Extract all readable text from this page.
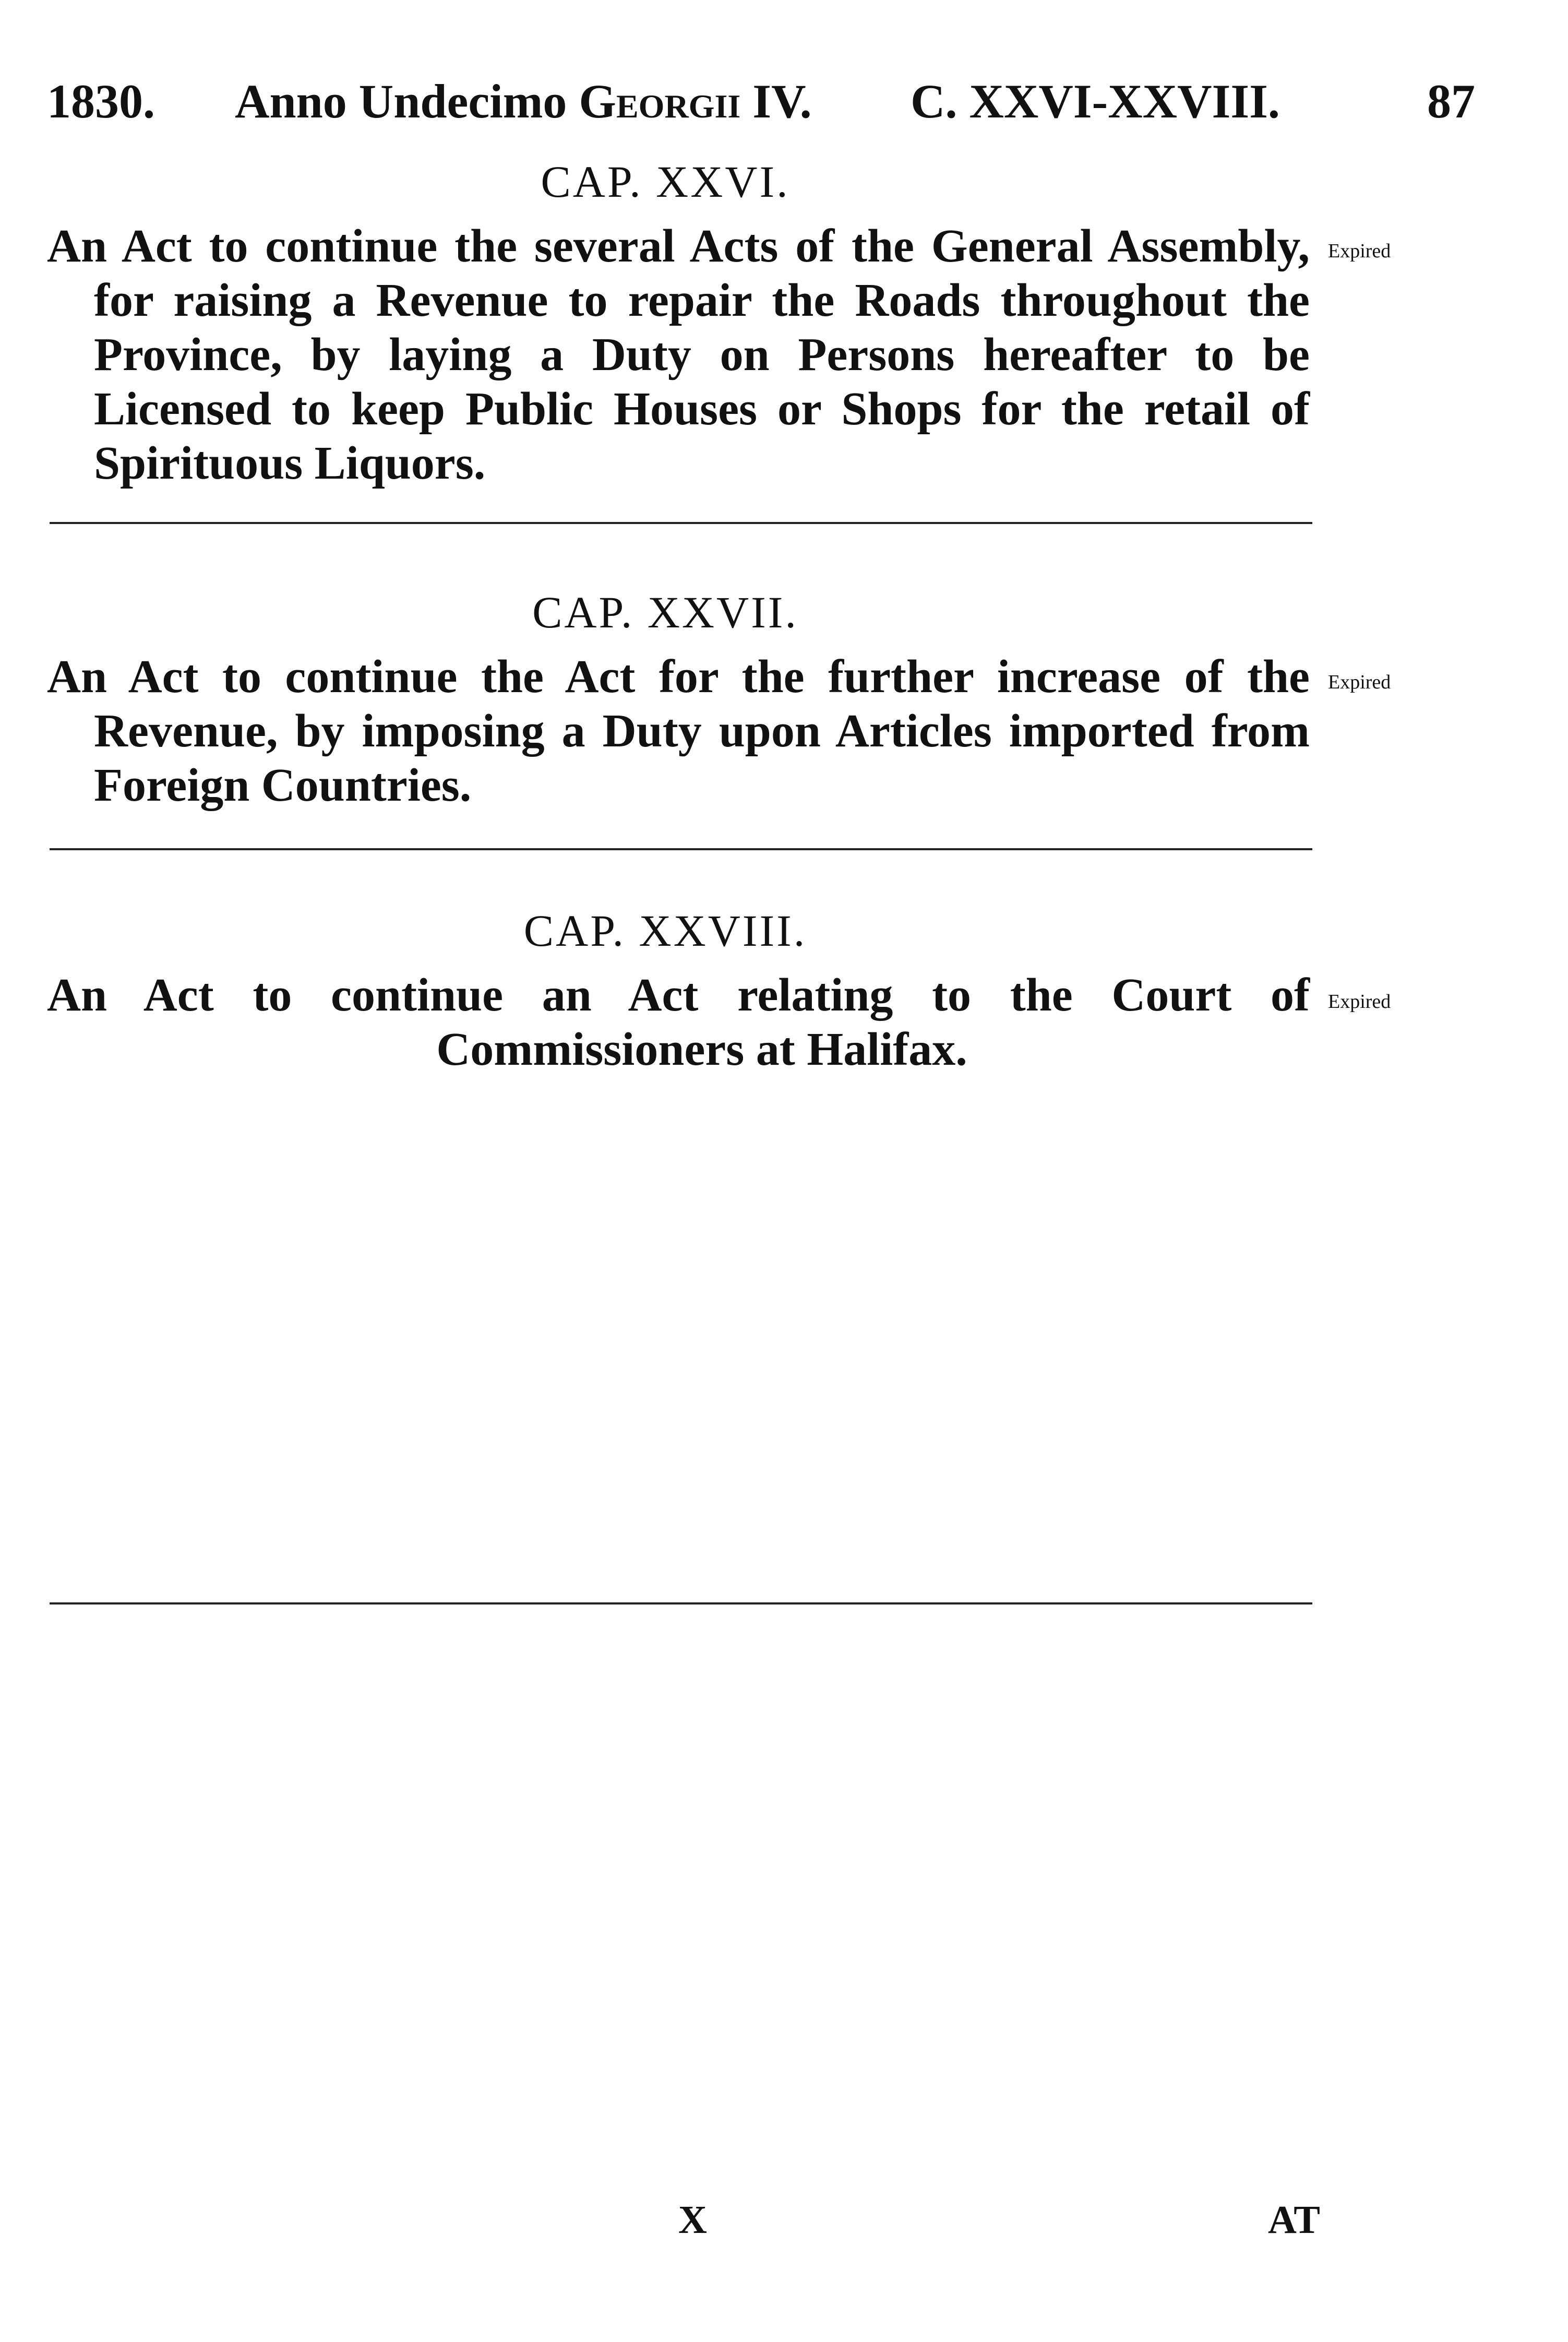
1830. Anno Undecimo Georgii IV. C. XXVI-XXVIII.	87
CAP. XXVI.
An Act to continue the several Acts of the General Assembly, for raising a Revenue to repair the Roads throughout the Province, by laying a Duty on Persons hereafter to be Licensed to keep Public Houses or Shops for the retail of Spirituous Liquors.
Expired
CAP. XXVII.
An Act to continue the Act for the further increase of the Revenue, by imposing a Duty upon Articles imported from Foreign Countries.
Expired
CAP. XXVIII.
An Act to continue an Act relating to the Court of Commissioners at Halifax.
Expired
X	AT
